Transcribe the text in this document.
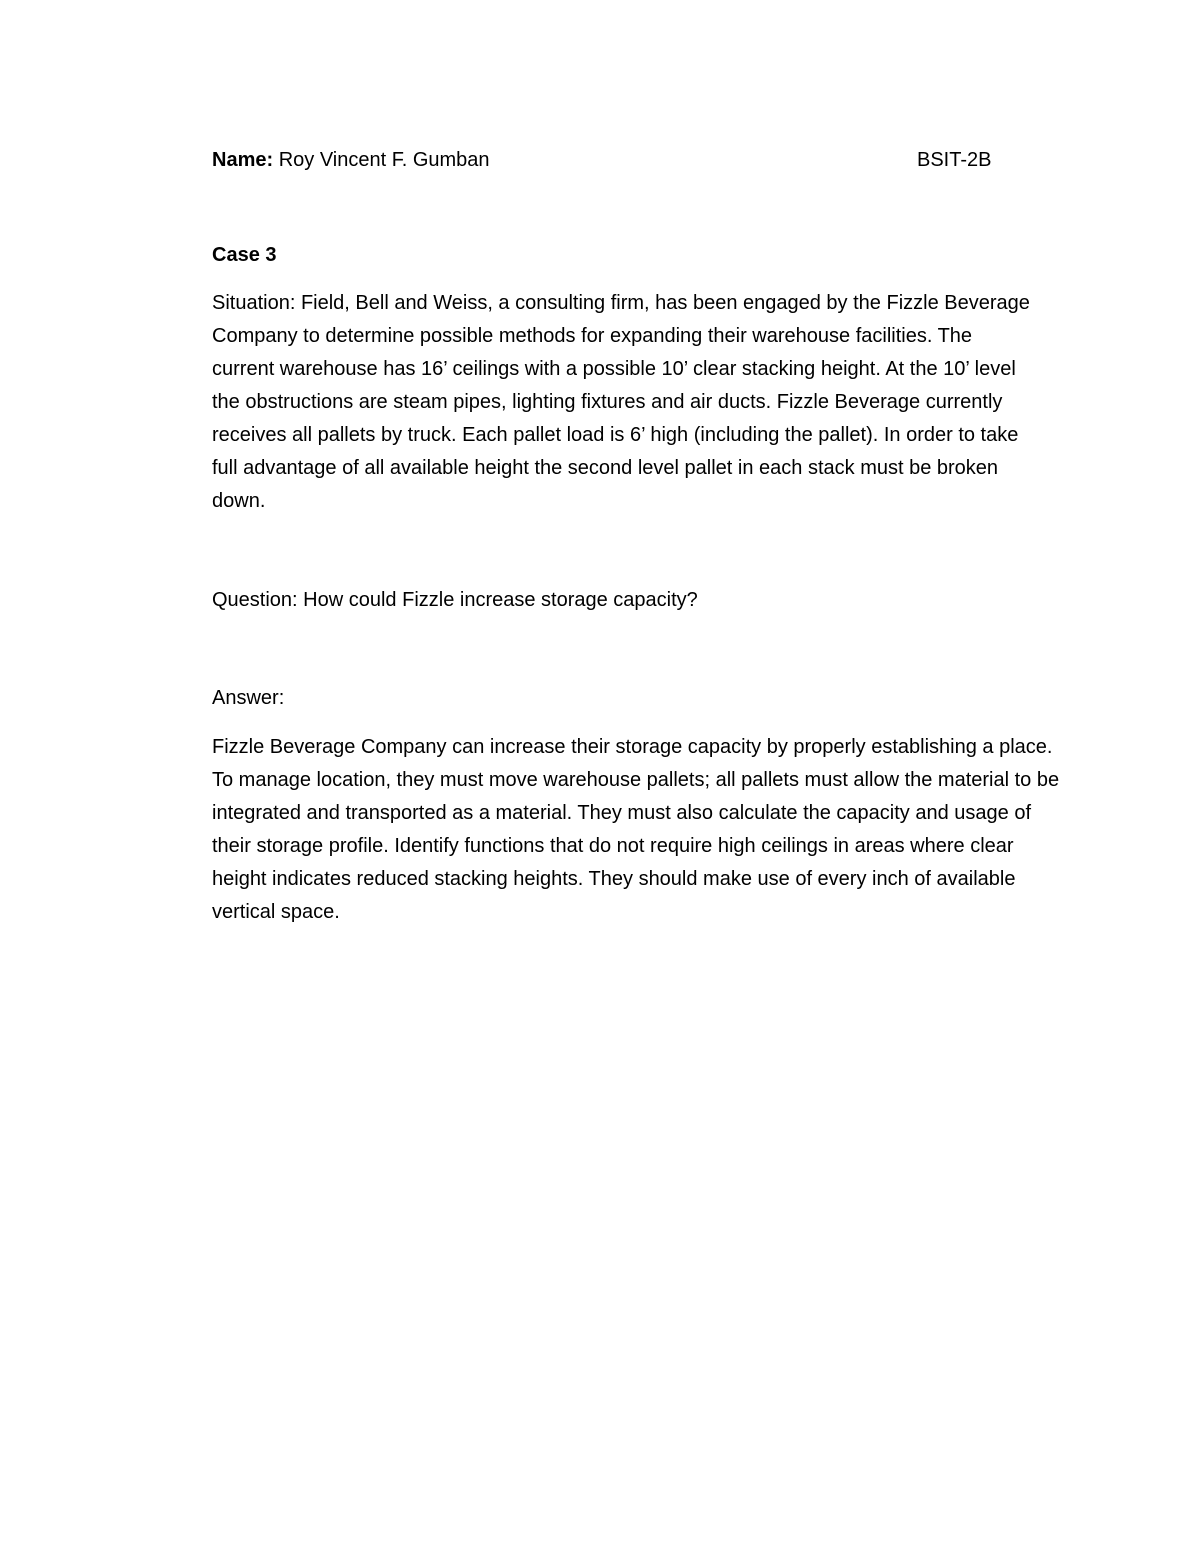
Name: Roy Vincent F. Gumban	BSIT-2B

Case 3

Situation: Field, Bell and Weiss, a consulting firm, has been engaged by the Fizzle Beverage Company to determine possible methods for expanding their warehouse facilities. The current warehouse has 16’ ceilings with a possible 10’ clear stacking height. At the 10’ level the obstructions are steam pipes, lighting fixtures and air ducts. Fizzle Beverage currently receives all pallets by truck. Each pallet load is 6’ high (including the pallet). In order to take full advantage of all available height the second level pallet in each stack must be broken down.

Question: How could Fizzle increase storage capacity?

Answer:

Fizzle Beverage Company can increase their storage capacity by properly establishing a place. To manage location, they must move warehouse pallets; all pallets must allow the material to be integrated and transported as a material. They must also calculate the capacity and usage of their storage profile. Identify functions that do not require high ceilings in areas where clear height indicates reduced stacking heights. They should make use of every inch of available vertical space.
